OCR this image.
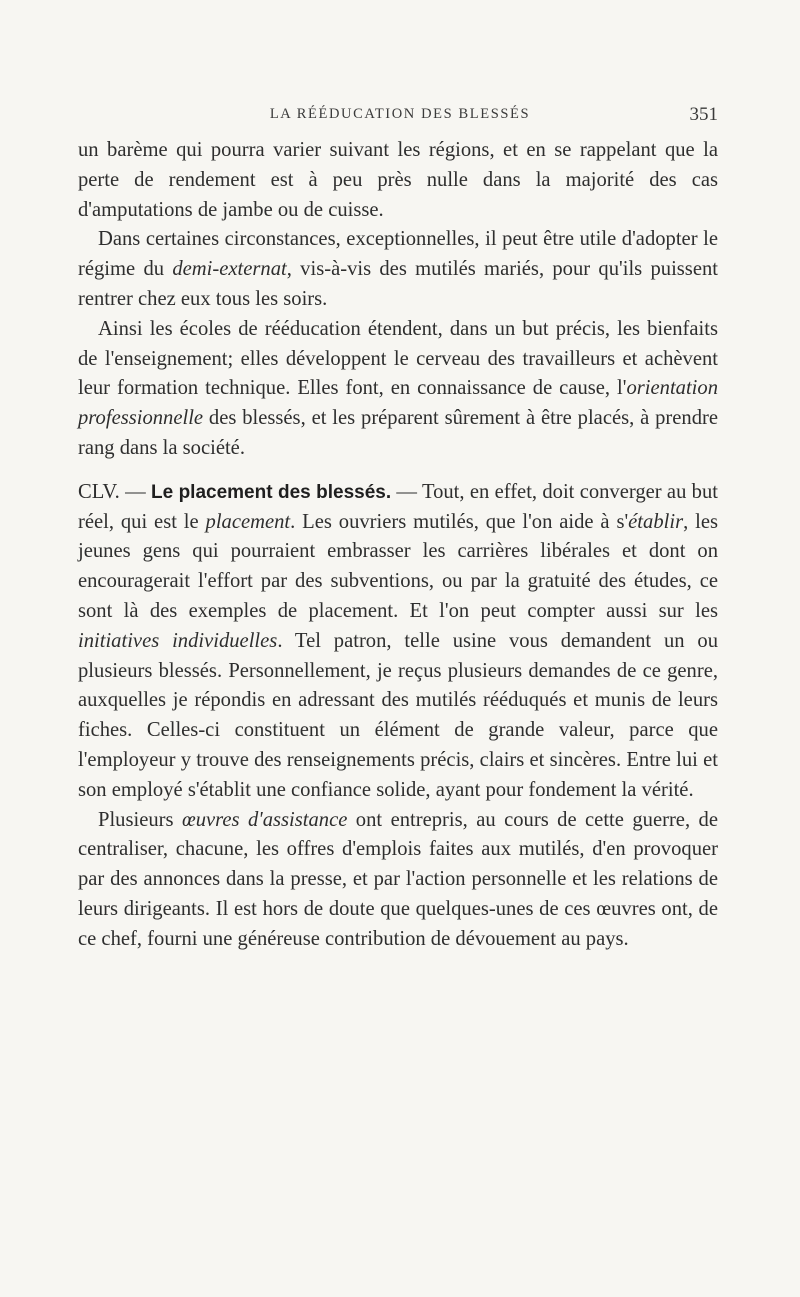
LA RÉÉDUCATION DES BLESSÉS	351

un barème qui pourra varier suivant les régions, et en se rappelant que la perte de rendement est à peu près nulle dans la majorité des cas d'amputations de jambe ou de cuisse.

Dans certaines circonstances, exceptionnelles, il peut être utile d'adopter le régime du demi-externat, vis-à-vis des mutilés mariés, pour qu'ils puissent rentrer chez eux tous les soirs.

Ainsi les écoles de rééducation étendent, dans un but précis, les bienfaits de l'enseignement; elles développent le cerveau des travailleurs et achèvent leur formation technique. Elles font, en connaissance de cause, l'orientation professionnelle des blessés, et les préparent sûrement à être placés, à prendre rang dans la société.

CLV. — Le placement des blessés. — Tout, en effet, doit converger au but réel, qui est le placement. Les ouvriers mutilés, que l'on aide à s'établir, les jeunes gens qui pourraient embrasser les carrières libérales et dont on encouragerait l'effort par des subventions, ou par la gratuité des études, ce sont là des exemples de placement. Et l'on peut compter aussi sur les initiatives individuelles. Tel patron, telle usine vous demandent un ou plusieurs blessés. Personnellement, je reçus plusieurs demandes de ce genre, auxquelles je répondis en adressant des mutilés rééduqués et munis de leurs fiches. Celles-ci constituent un élément de grande valeur, parce que l'employeur y trouve des renseignements précis, clairs et sincères. Entre lui et son employé s'établit une confiance solide, ayant pour fondement la vérité.

Plusieurs œuvres d'assistance ont entrepris, au cours de cette guerre, de centraliser, chacune, les offres d'emplois faites aux mutilés, d'en provoquer par des annonces dans la presse, et par l'action personnelle et les relations de leurs dirigeants. Il est hors de doute que quelques-unes de ces œuvres ont, de ce chef, fourni une généreuse contribution de dévouement au pays.
